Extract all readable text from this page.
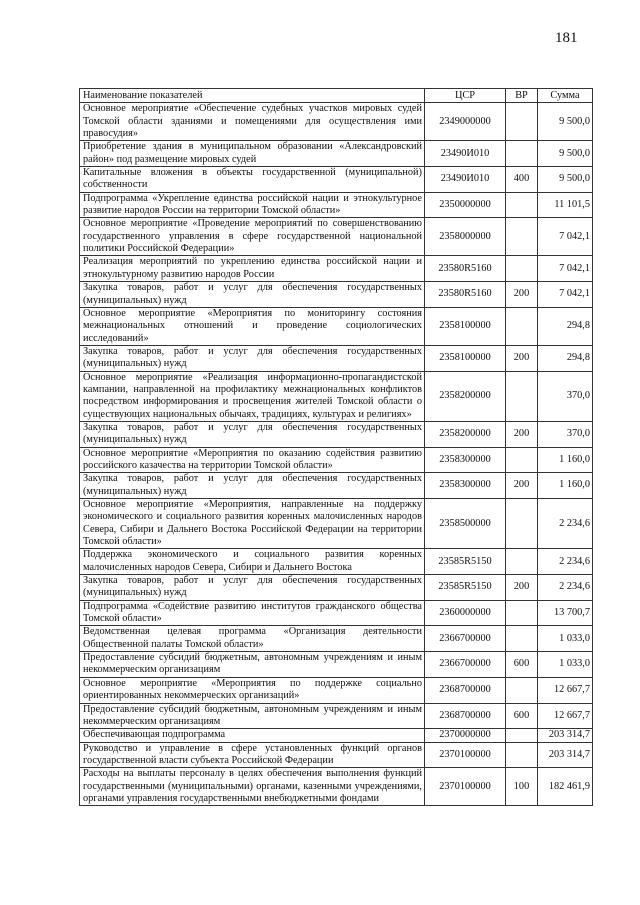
181
Наименование показателей	ЦСР	ВР	Сумма
Основное мероприятие «Обеспечение судебных участков мировых судей Томской области зданиями и помещениями для осуществления ими правосудия»	2349000000		9 500,0
Приобретение здания в муниципальном образовании «Александровский район» под размещение мировых судей	23490И010		9 500,0
Капитальные вложения в объекты государственной (муниципальной) собственности	23490И010	400	9 500,0
Подпрограмма «Укрепление единства российской нации и этнокультурное развитие народов России на территории Томской области»	2350000000		11 101,5
Основное мероприятие «Проведение мероприятий по совершенствованию государственного управления в сфере государственной национальной политики Российской Федерации»	2358000000		7 042,1
Реализация мероприятий по укреплению единства российской нации и этнокультурному развитию народов России	23580R5160		7 042,1
Закупка товаров, работ и услуг для обеспечения государственных (муниципальных) нужд	23580R5160	200	7 042,1
Основное мероприятие «Мероприятия по мониторингу состояния межнациональных отношений и проведение социологических исследований»	2358100000		294,8
Закупка товаров, работ и услуг для обеспечения государственных (муниципальных) нужд	2358100000	200	294,8
Основное мероприятие «Реализация информационно-пропагандистской кампании, направленной на профилактику межнациональных конфликтов посредством информирования и просвещения жителей Томской области о существующих национальных обычаях, традициях, культурах и религиях»	2358200000		370,0
Закупка товаров, работ и услуг для обеспечения государственных (муниципальных) нужд	2358200000	200	370,0
Основное мероприятие «Мероприятия по оказанию содействия развитию российского казачества на территории Томской области»	2358300000		1 160,0
Закупка товаров, работ и услуг для обеспечения государственных (муниципальных) нужд	2358300000	200	1 160,0
Основное мероприятие «Мероприятия, направленные на поддержку экономического и социального развития коренных малочисленных народов Севера, Сибири и Дальнего Востока Российской Федерации на территории Томской области»	2358500000		2 234,6
Поддержка экономического и социального развития коренных малочисленных народов Севера, Сибири и Дальнего Востока	23585R5150		2 234,6
Закупка товаров, работ и услуг для обеспечения государственных (муниципальных) нужд	23585R5150	200	2 234,6
Подпрограмма «Содействие развитию институтов гражданского общества Томской области»	2360000000		13 700,7
Ведомственная целевая программа «Организация деятельности Общественной палаты Томской области»	2366700000		1 033,0
Предоставление субсидий бюджетным, автономным учреждениям и иным некоммерческим организациям	2366700000	600	1 033,0
Основное мероприятие «Мероприятия по поддержке социально ориентированных некоммерческих организаций»	2368700000		12 667,7
Предоставление субсидий бюджетным, автономным учреждениям и иным некоммерческим организациям	2368700000	600	12 667,7
Обеспечивающая подпрограмма	2370000000		203 314,7
Руководство и управление в сфере установленных функций органов государственной власти субъекта Российской Федерации	2370100000		203 314,7
Расходы на выплаты персоналу в целях обеспечения выполнения функций государственными (муниципальными) органами, казенными учреждениями, органами управления государственными внебюджетными фондами	2370100000	100	182 461,9
